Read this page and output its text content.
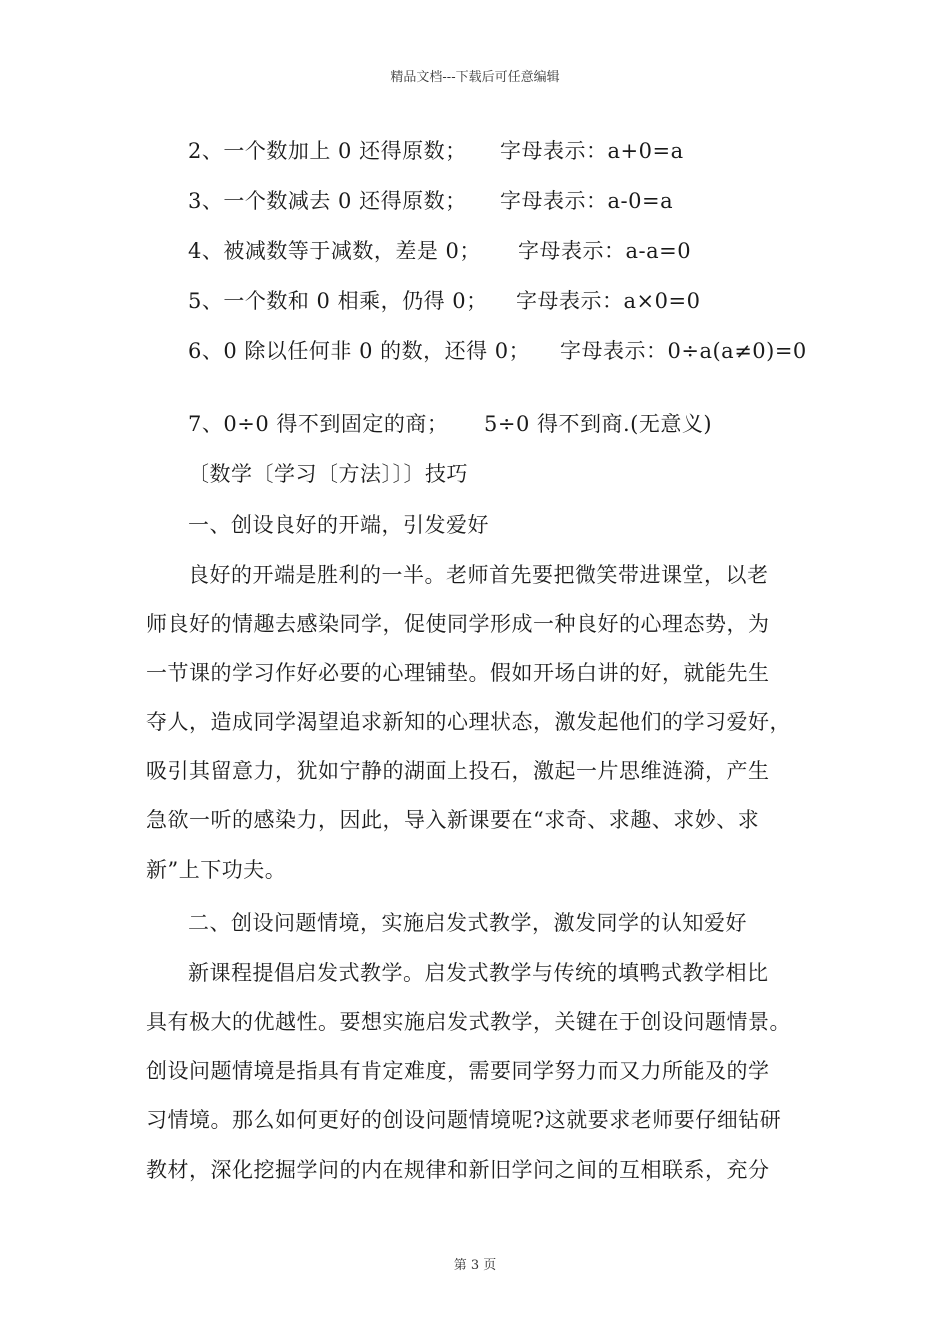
精品文档---下载后可任意编辑
2、一个数加上 0 还得原数； 字母表示：a+0=a
3、一个数减去 0 还得原数； 字母表示：a-0=a
4、被减数等于减数，差是 0； 字母表示：a-a=0
5、一个数和 0 相乘，仍得 0； 字母表示：a×0=0
6、0 除以任何非 0 的数，还得 0； 字母表示：0÷a(a≠0)=0
7、0÷0 得不到固定的商； 5÷0 得不到商.(无意义)
〔数学〔学习〔方法〕〕〕技巧
一、创设良好的开端，引发爱好
良好的开端是胜利的一半。老师首先要把微笑带进课堂，以老
师良好的情趣去感染同学，促使同学形成一种良好的心理态势，为
一节课的学习作好必要的心理铺垫。假如开场白讲的好，就能先生
夺人，造成同学渴望追求新知的心理状态，激发起他们的学习爱好，
吸引其留意力，犹如宁静的湖面上投石，激起一片思维涟漪，产生
急欲一听的感染力，因此，导入新课要在“求奇、求趣、求妙、求
新”上下功夫。
二、创设问题情境，实施启发式教学，激发同学的认知爱好
新课程提倡启发式教学。启发式教学与传统的填鸭式教学相比
具有极大的优越性。要想实施启发式教学，关键在于创设问题情景。
创设问题情境是指具有肯定难度，需要同学努力而又力所能及的学
习情境。那么如何更好的创设问题情境呢?这就要求老师要仔细钻研
教材，深化挖掘学问的内在规律和新旧学问之间的互相联系，充分
第 3 页
